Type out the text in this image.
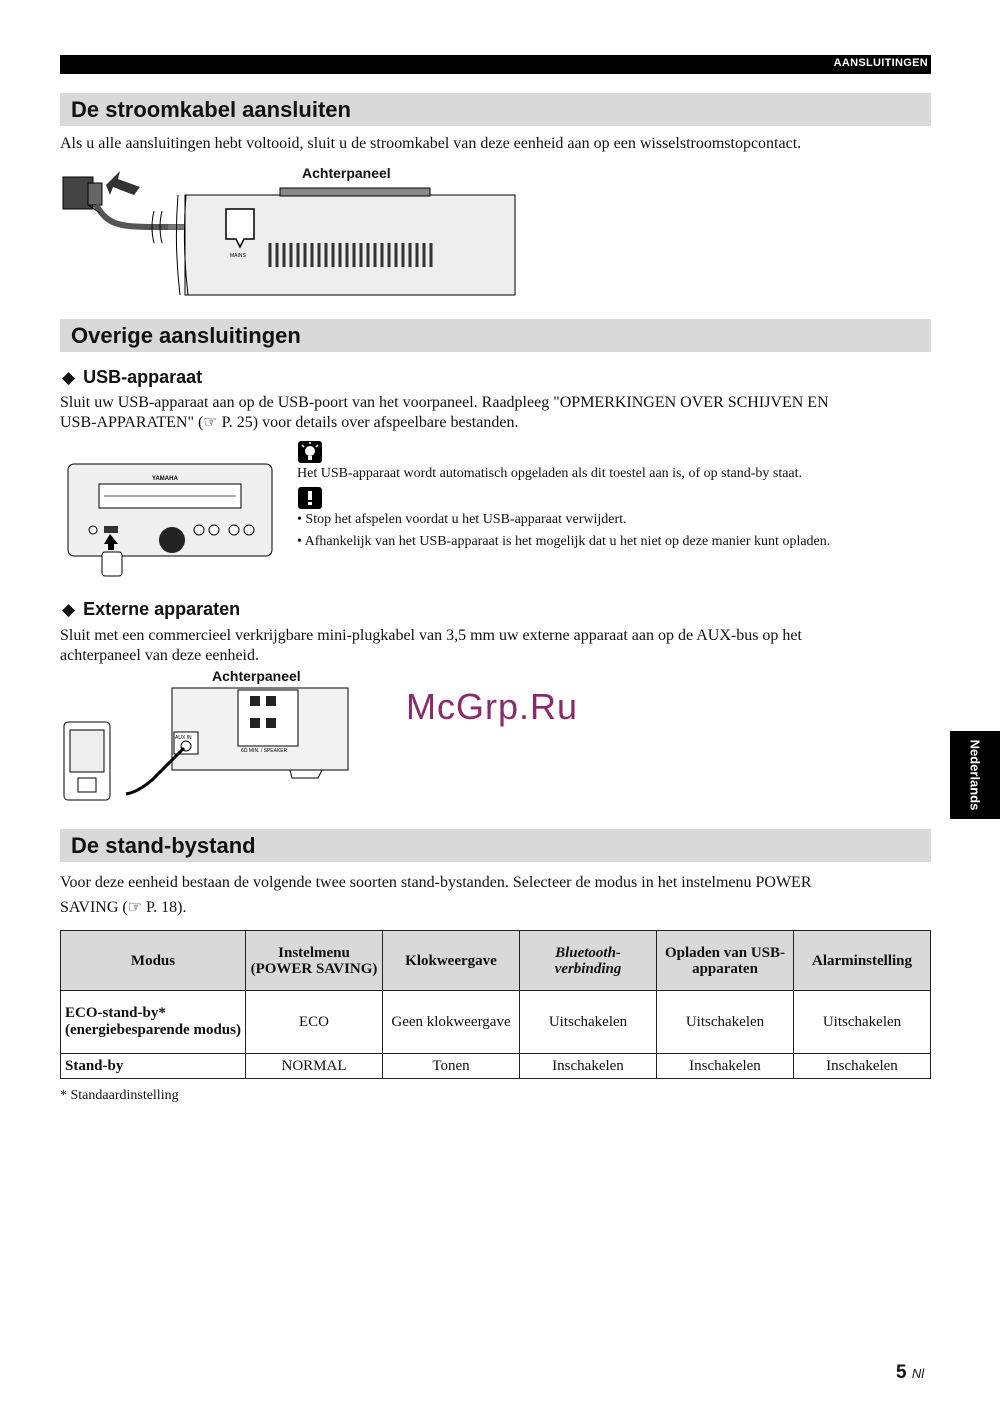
AANSLUITINGEN
De stroomkabel aansluiten
Als u alle aansluitingen hebt voltooid, sluit u de stroomkabel van deze eenheid aan op een wisselstroomstopcontact.
Achterpaneel
MAINS
Overige aansluitingen
◆ USB-apparaat
Sluit uw USB-apparaat aan op de USB-poort van het voorpaneel. Raadpleeg "OPMERKINGEN OVER SCHIJVEN EN
USB-APPARATEN" (☞ P. 25) voor details over afspeelbare bestanden.
YAMAHA	Het USB-apparaat wordt automatisch opgeladen als dit toestel aan is, of op stand-by staat.
• Stop het afspelen voordat u het USB-apparaat verwijdert.
• Afhankelijk van het USB-apparaat is het mogelijk dat u het niet op deze manier kunt opladen.
◆ Externe apparaten
Sluit met een commercieel verkrijgbare mini-plugkabel van 3,5 mm uw externe apparaat aan op de AUX-bus op het
achterpaneel van deze eenheid.
Achterpaneel
6Ω MIN. / SPEAKER
AUX IN
McGrp.Ru
Nederlands
De stand-bystand
Voor deze eenheid bestaan de volgende twee soorten stand-bystanden. Selecteer de modus in het instelmenu POWER
SAVING (☞ P. 18).
Modus	Instelmenu (POWER SAVING)	Klokweergave	Bluetooth-verbinding	Opladen van USB-apparaten	Alarminstelling
ECO-stand-by* (energiebesparende modus)	ECO	Geen klokweergave	Uitschakelen	Uitschakelen	Uitschakelen
Stand-by	NORMAL	Tonen	Inschakelen	Inschakelen	Inschakelen
* Standaardinstelling
5 Nl
